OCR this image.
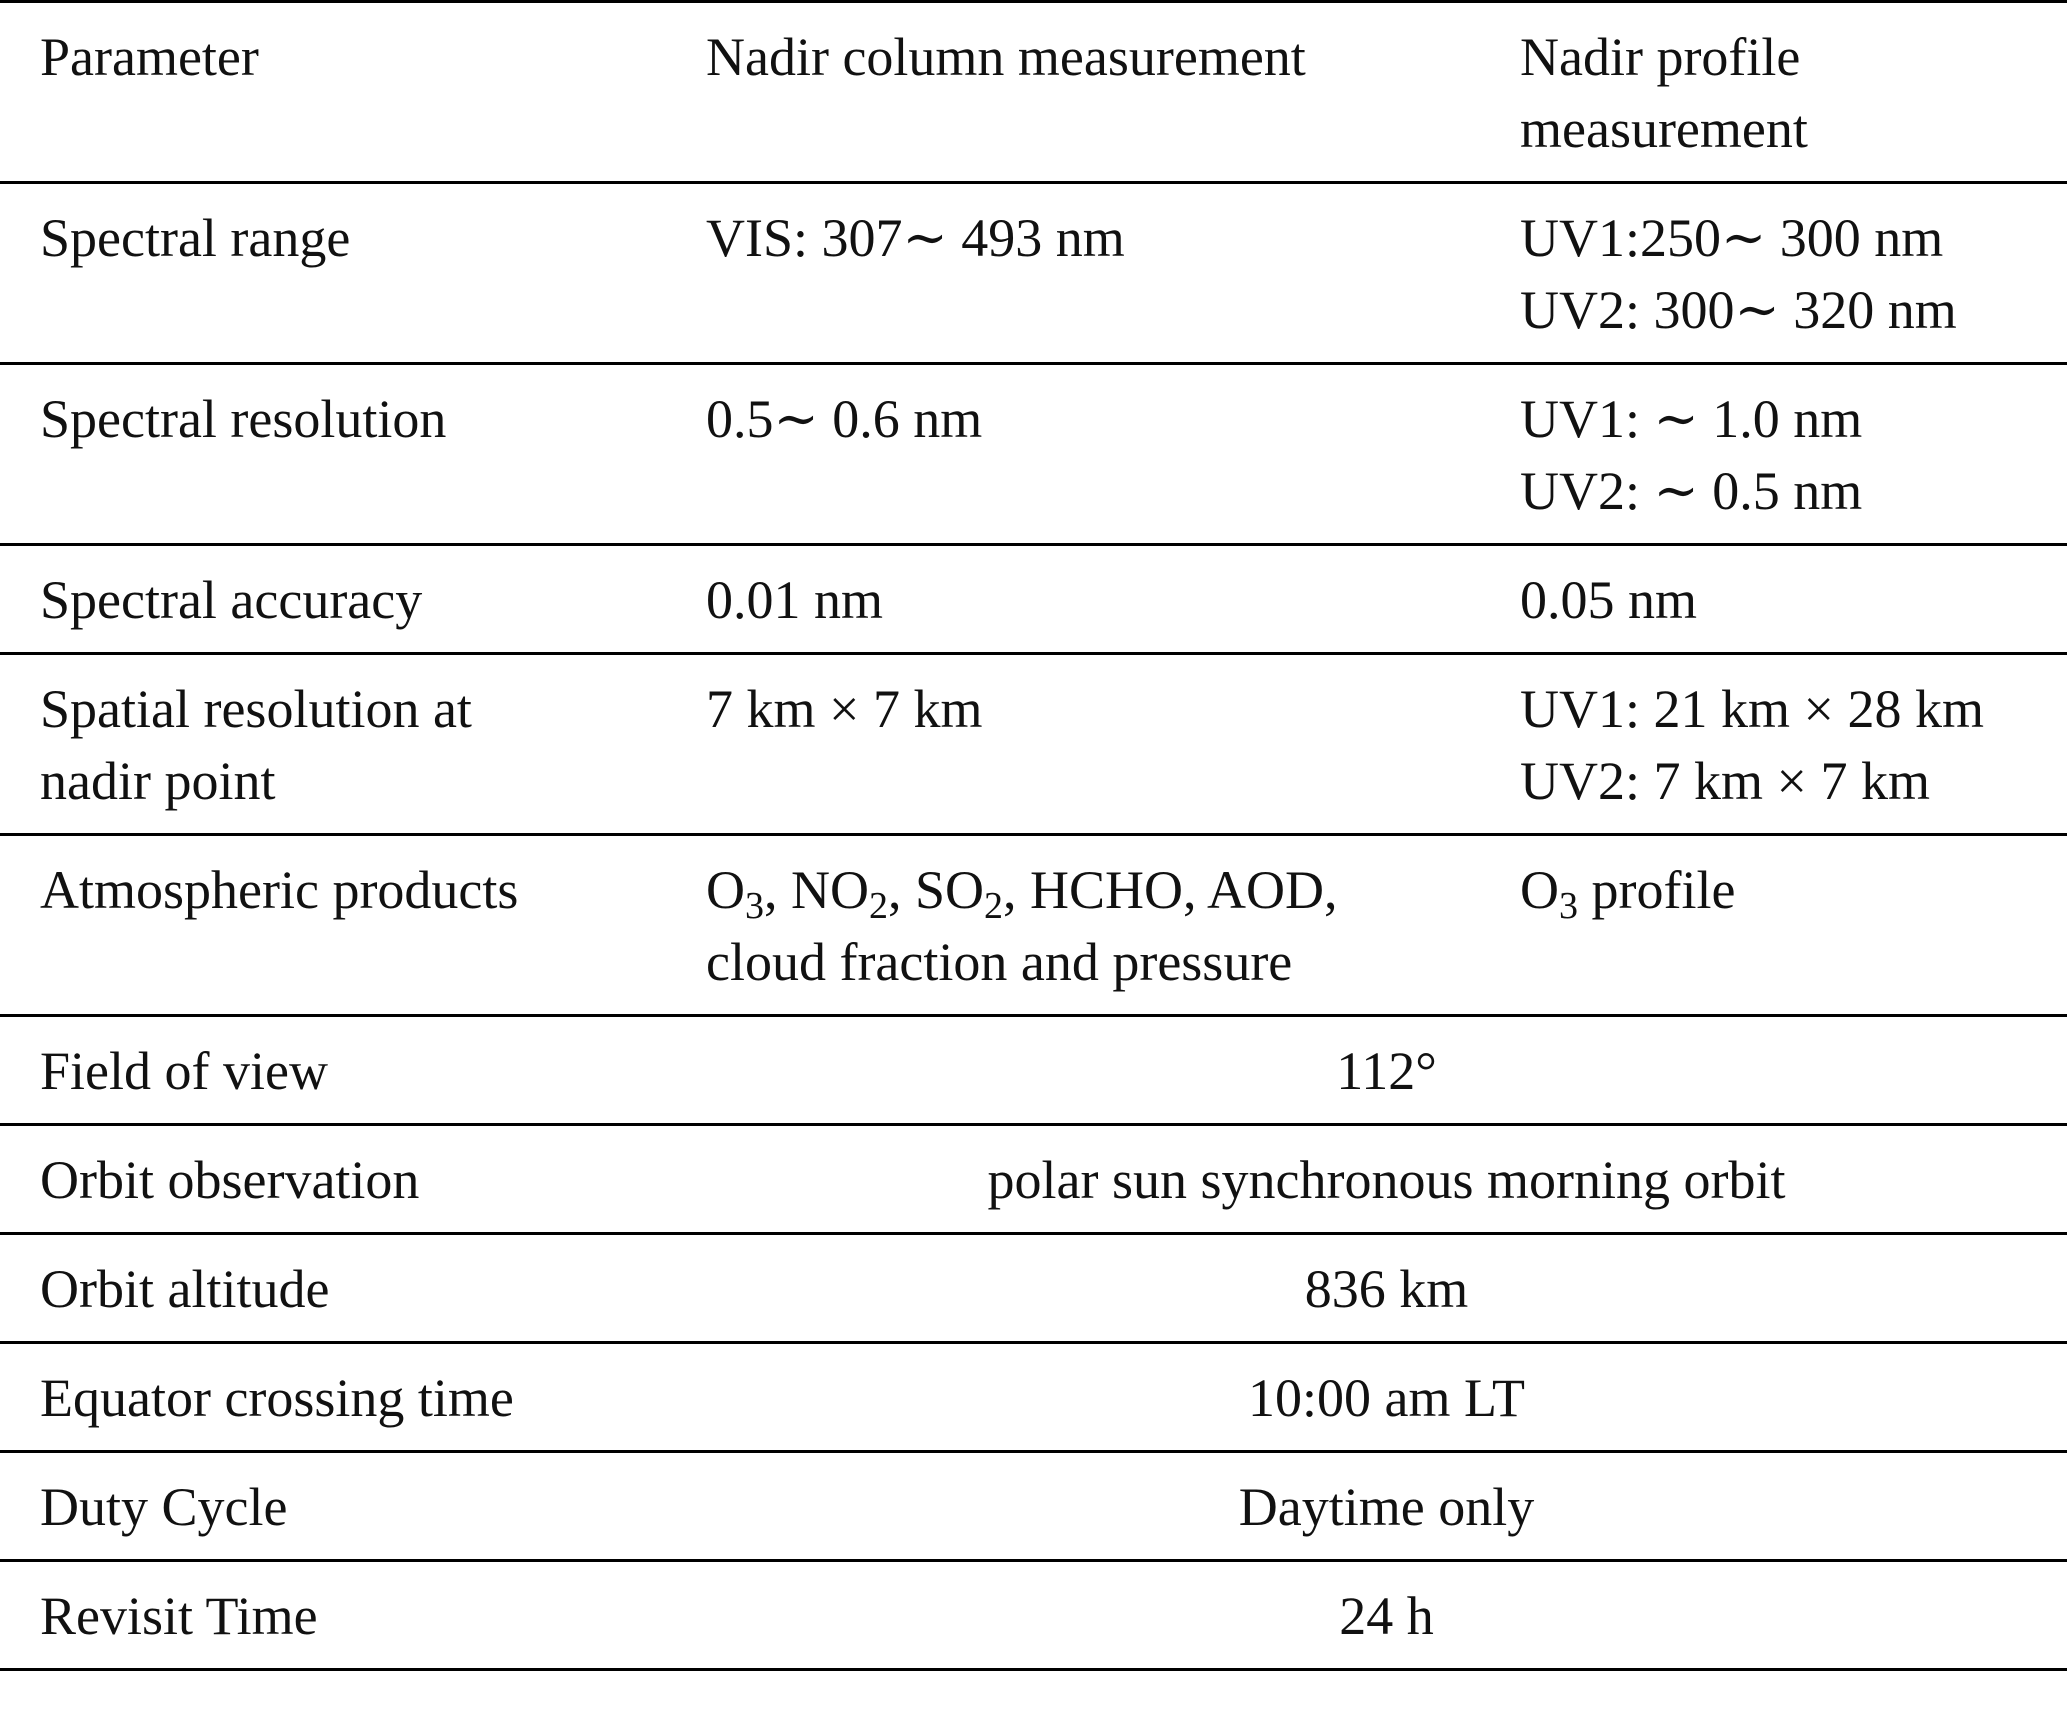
Parameter	Nadir column measurement	Nadir profile
measurement

Spectral range	VIS: 307∼ 493 nm	UV1:250∼ 300 nm
UV2: 300∼ 320 nm

Spectral resolution	0.5∼ 0.6 nm	UV1: ∼ 1.0 nm
UV2: ∼ 0.5 nm

Spectral accuracy	0.01 nm	0.05 nm

Spatial resolution at
nadir point	7 km × 7 km	UV1: 21 km × 28 km
UV2: 7 km × 7 km

Atmospheric products	$O_3$, $NO_2$, $SO_2$, HCHO, AOD,
cloud fraction and pressure	$O_3$ profile
Field of view	112°	
Orbit observation	polar sun synchronous morning orbit	
Orbit altitude	836 km	
Equator crossing time	10:00 am LT	
Duty Cycle	Daytime only	
Revisit Time	24 h	
